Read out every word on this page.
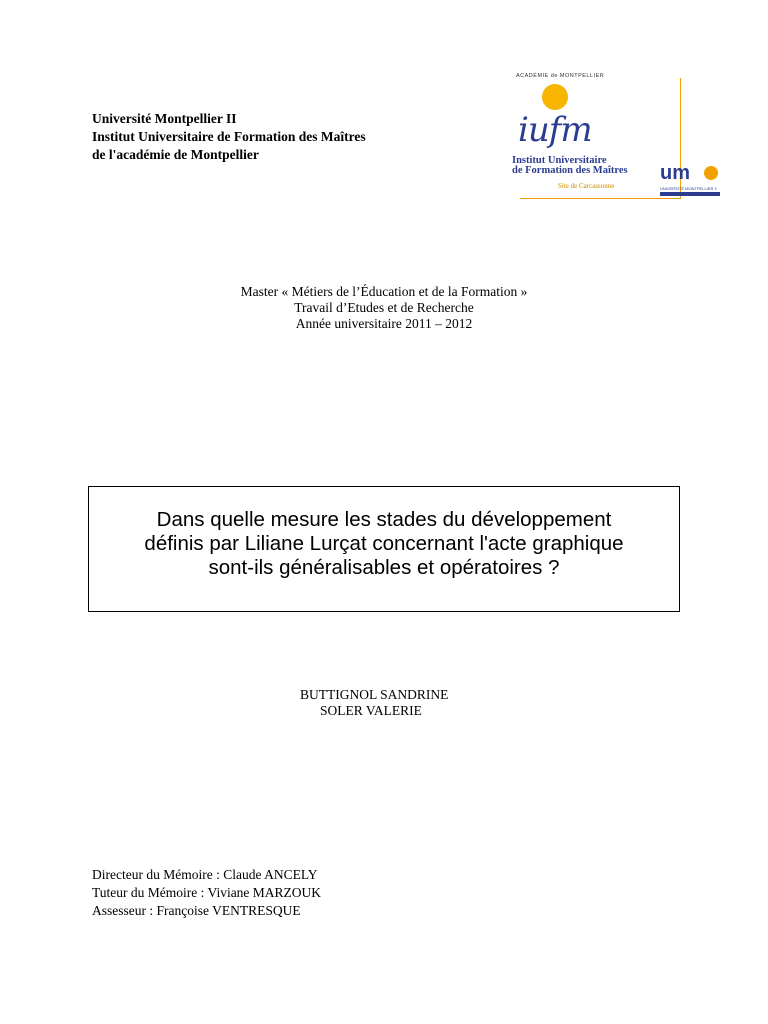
Université Montpellier II
Institut Universitaire de Formation des Maîtres
de l'académie de Montpellier
ACADÉMIE de MONTPELLIER
iufm
Institut Universitaire
de Formation des Maîtres
Site de Carcassonne
um
UNIVERSITÉ MONTPELLIER 2
Master « Métiers de l’Éducation et de la Formation »
Travail d’Etudes et de Recherche
Année universitaire 2011 – 2012
Dans quelle mesure les stades du développement
définis par Liliane Lurçat concernant l'acte graphique
sont-ils généralisables et opératoires ?
BUTTIGNOL SANDRINE
SOLER VALERIE
Directeur du Mémoire : Claude ANCELY
Tuteur du Mémoire : Viviane MARZOUK
Assesseur : Françoise VENTRESQUE
